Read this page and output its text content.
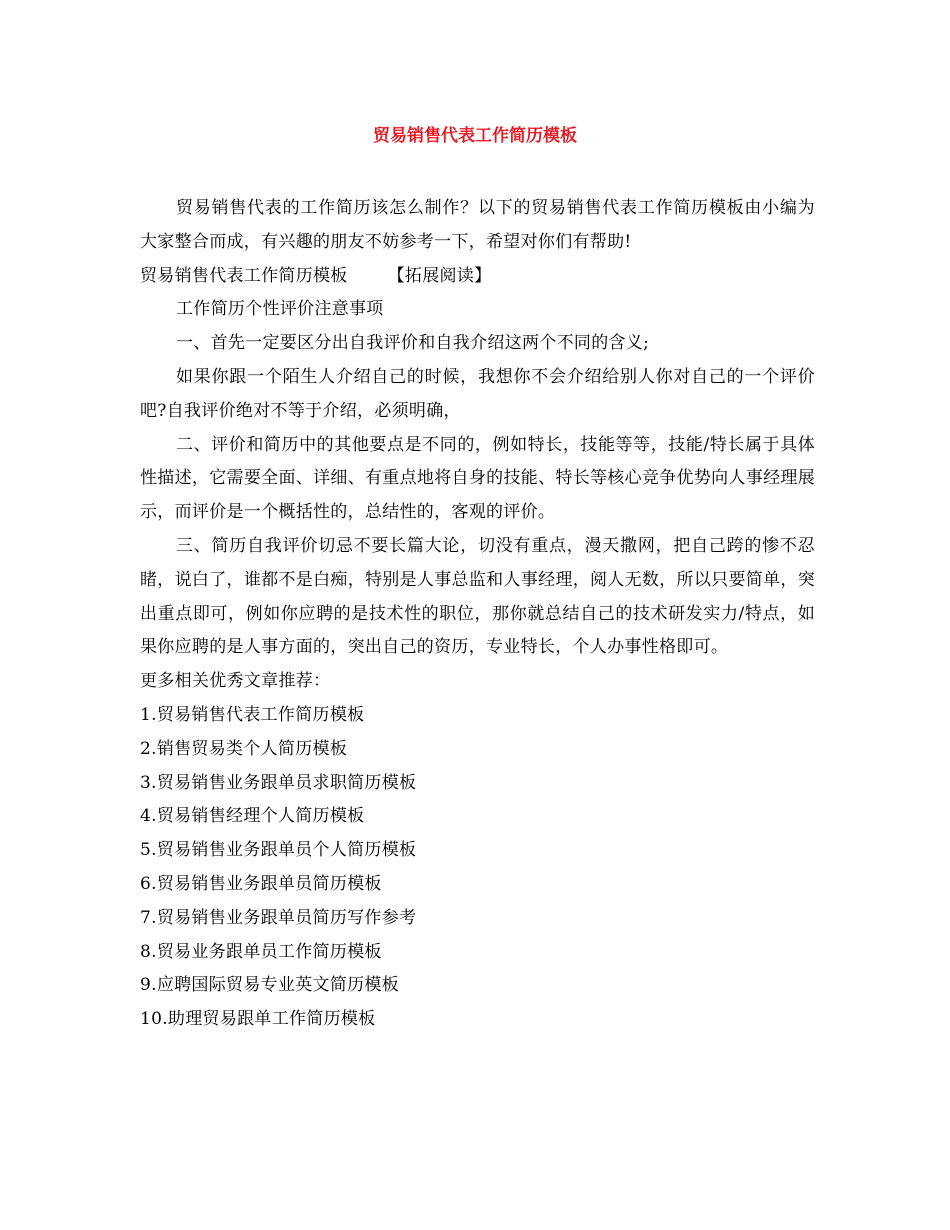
贸易销售代表工作简历模板

贸易销售代表的工作简历该怎么制作？以下的贸易销售代表工作简历模板由小编为大家整合而成，有兴趣的朋友不妨参考一下，希望对你们有帮助!

贸易销售代表工作简历模板 【拓展阅读】

工作简历个性评价注意事项

一、首先一定要区分出自我评价和自我介绍这两个不同的含义;

如果你跟一个陌生人介绍自己的时候，我想你不会介绍给别人你对自己的一个评价吧?自我评价绝对不等于介绍，必须明确，

二、评价和简历中的其他要点是不同的，例如特长，技能等等，技能/特长属于具体性描述，它需要全面、详细、有重点地将自身的技能、特长等核心竞争优势向人事经理展示，而评价是一个概括性的，总结性的，客观的评价。

三、简历自我评价切忌不要长篇大论，切没有重点，漫天撒网，把自己跨的惨不忍睹，说白了，谁都不是白痴，特别是人事总监和人事经理，阅人无数，所以只要简单，突出重点即可，例如你应聘的是技术性的职位，那你就总结自己的技术研发实力/特点，如果你应聘的是人事方面的，突出自己的资历，专业特长，个人办事性格即可。

更多相关优秀文章推荐：

1.贸易销售代表工作简历模板
2.销售贸易类个人简历模板
3.贸易销售业务跟单员求职简历模板
4.贸易销售经理个人简历模板
5.贸易销售业务跟单员个人简历模板
6.贸易销售业务跟单员简历模板
7.贸易销售业务跟单员简历写作参考
8.贸易业务跟单员工作简历模板
9.应聘国际贸易专业英文简历模板
10.助理贸易跟单工作简历模板
